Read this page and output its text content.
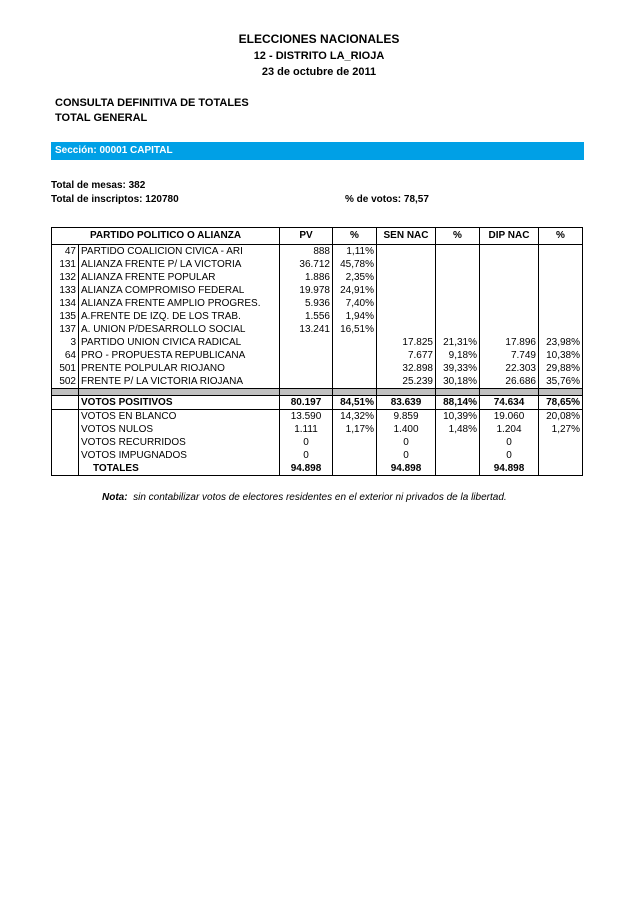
ELECCIONES NACIONALES
12 - DISTRITO LA_RIOJA
23 de octubre de 2011
CONSULTA DEFINITIVA DE TOTALES
TOTAL GENERAL
Sección: 00001 CAPITAL
Total de mesas: 382
Total de inscriptos: 120780	% de votos: 78,57
PARTIDO POLITICO O ALIANZA		PV	%	SEN NAC	%	DIP NAC	%
47	PARTIDO COALICION CIVICA - ARI	888	1,11%				
131	ALIANZA FRENTE P/ LA VICTORIA	36.712	45,78%				
132	ALIANZA FRENTE POPULAR	1.886	2,35%				
133	ALIANZA COMPROMISO FEDERAL	19.978	24,91%				
134	ALIANZA FRENTE AMPLIO PROGRES.	5.936	7,40%				
135	A.FRENTE DE IZQ. DE LOS TRAB.	1.556	1,94%				
137	A. UNION P/DESARROLLO SOCIAL	13.241	16,51%				
3	PARTIDO UNION CIVICA RADICAL			17.825	21,31%	17.896	23,98%
64	PRO - PROPUESTA REPUBLICANA			7.677	9,18%	7.749	10,38%
501	PRENTE POLPULAR RIOJANO			32.898	39,33%	22.303	29,88%
502	FRENTE P/ LA VICTORIA RIOJANA			25.239	30,18%	26.686	35,76%

	VOTOS POSITIVOS	80.197	84,51%	83.639	88,14%	74.634	78,65%
	VOTOS EN BLANCO	13.590	14,32%	9.859	10,39%	19.060	20,08%
	VOTOS NULOS	1.111	1,17%	1.400	1,48%	1.204	1,27%
	VOTOS RECURRIDOS	0		0		0	
	VOTOS IMPUGNADOS	0		0		0	
	TOTALES	94.898		94.898		94.898	
Nota: sin contabilizar votos de electores residentes en el exterior ni privados de la libertad.
